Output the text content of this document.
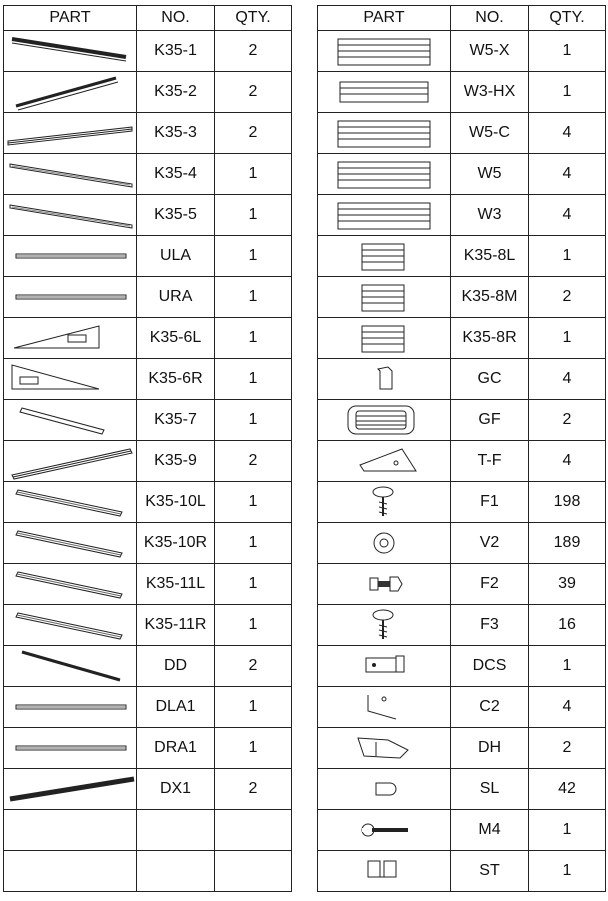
PART	NO.	QTY.

	K35-1	2

	K35-2	2

	K35-3	2

	K35-4	1

	K35-5	1

	ULA	1

	URA	1

	K35-6L	1

	K35-6R	1

	K35-7	1

	K35-9	2

	K35-10L	1

	K35-10R	1

	K35-11L	1

	K35-11R	1

	DD	2

	DLA1	1

	DRA1	1

	DX1	2

PART	NO.	QTY.

	W5-X	1

	W3-HX	1

	W5-C	4

	W5	4

	W3	4

	K35-8L	1

	K35-8M	2

	K35-8R	1

	GC	4

	GF	2

	T-F	4

	F1	198

	V2	189

	F2	39

	F3	16

	DCS	1

	C2	4

	DH	2

	SL	42

	M4	1

	ST	1
